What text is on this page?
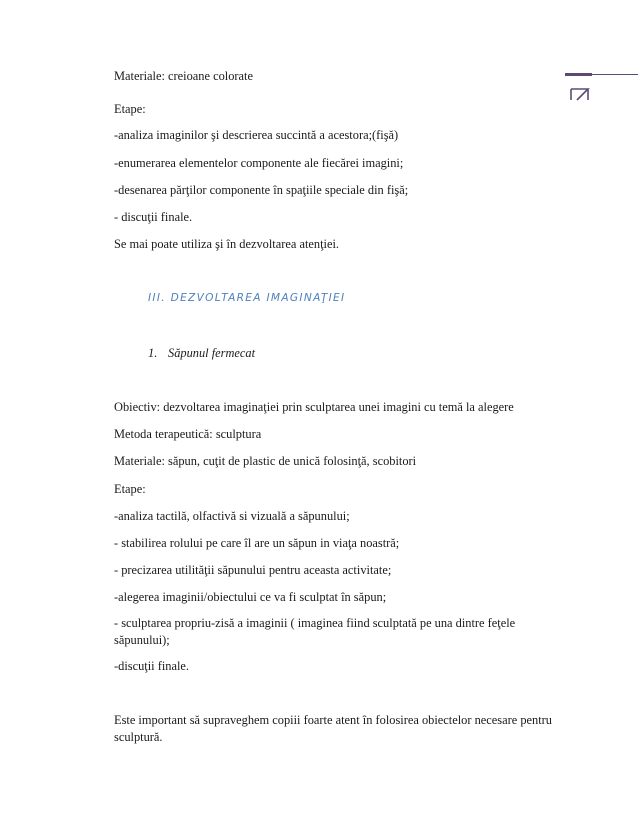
Materiale: creioane colorate

Etape:

-analiza imaginilor şi descrierea succintă a acestora;(fişă)

-enumerarea elementelor componente ale fiecărei imagini;

-desenarea părţilor componente în spaţiile speciale din fişă;

- discuţii finale.

Se mai poate utiliza şi în dezvoltarea atenţiei.

III. DEZVOLTAREA IMAGINAŢIEI

1. Săpunul fermecat

Obiectiv: dezvoltarea imaginaţiei prin sculptarea unei imagini cu temă la alegere

Metoda terapeutică: sculptura

Materiale: săpun, cuţit de plastic de unică folosinţă, scobitori

Etape:

-analiza tactilă, olfactivă si vizuală a săpunului;

- stabilirea rolului pe care îl are un săpun in viaţa noastră;

- precizarea utilităţii săpunului pentru aceasta activitate;

-alegerea imaginii/obiectului ce va fi sculptat în săpun;

- sculptarea propriu-zisă a imaginii ( imaginea fiind sculptată pe una dintre feţele săpunului);

-discuţii finale.

Este important să supraveghem copiii foarte atent în folosirea obiectelor necesare pentru sculptură.
